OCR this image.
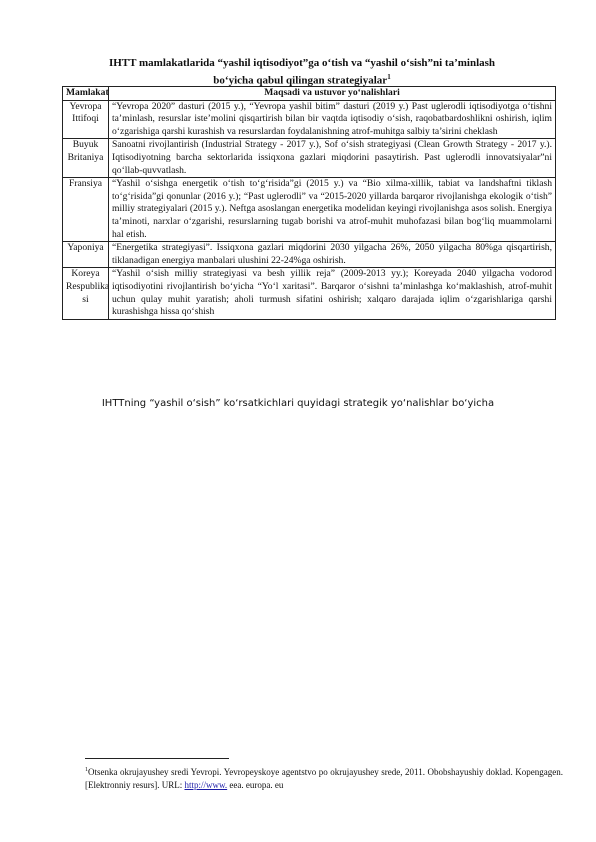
IHTT mamlakatlarida “yashil iqtisodiyot”ga o‘tish va “yashil o‘sish”ni ta’minlash
bo‘yicha qabul qilingan strategiyalar$^1$
Mamlakat	Maqsadi va ustuvor yo‘nalishlari
Yevropa Ittifoqi	“Yevropa 2020” dasturi (2015 y.), “Yevropa yashil bitim” dasturi (2019 y.) Past uglerodli iqtisodiyotga o‘tishni ta’minlash, resurslar iste’molini qisqartirish bilan bir vaqtda iqtisodiy o‘sish, raqobatbardoshlikni oshirish, iqlim o‘zgarishiga qarshi kurashish va resurslardan foydalanishning atrof-muhitga salbiy ta’sirini cheklash
Buyuk Britaniya	Sanoatni rivojlantirish (Industrial Strategy - 2017 y.), Sof o‘sish strategiyasi (Clean Growth Strategy - 2017 y.). Iqtisodiyotning barcha sektorlarida issiqxona gazlari miqdorini pasaytirish. Past uglerodli innovatsiyalar”ni qo‘llab-quvvatlash.
Fransiya	“Yashil o‘sishga energetik o‘tish to‘g‘risida”gi (2015 y.) va “Bio xilma-xillik, tabiat va landshaftni tiklash to‘g‘risida”gi qonunlar (2016 y.); “Past uglerodli” va “2015-2020 yillarda barqaror rivojlanishga ekologik o‘tish” milliy strategiyalari (2015 y.). Neftga asoslangan energetika modelidan keyingi rivojlanishga asos solish. Energiya ta’minoti, narxlar o‘zgarishi, resurslarning tugab borishi va atrof-muhit muhofazasi bilan bog‘liq muammolarni hal etish.
Yaponiya	“Energetika strategiyasi”. Issiqxona gazlari miqdorini 2030 yilgacha 26%, 2050 yilgacha 80%ga qisqartirish, tiklanadigan energiya manbalari ulushini 22-24%ga oshirish.
Koreya Respublika si	“Yashil o‘sish milliy strategiyasi va besh yillik reja” (2009-2013 yy.); Koreyada 2040 yilgacha vodorod iqtisodiyotini rivojlantirish bo‘yicha “Yo‘l xaritasi”. Barqaror o‘sishni ta’minlashga ko‘maklashish, atrof-muhit uchun qulay muhit yaratish; aholi turmush sifatini oshirish; xalqaro darajada iqlim o‘zgarishlariga qarshi kurashishga hissa qo‘shish
IHTTning “yashil o‘sish” ko‘rsatkichlari quyidagi strategik yo‘nalishlar bo‘yicha
$^1$Otsenka okrujayushey sredi Yevropi. Yevropeyskoye agentstvo po okrujayushey srede, 2011. Obobshayushiy doklad. Kopengagen. [Elektronniy resurs]. URL: http://www. eea. europa. eu
